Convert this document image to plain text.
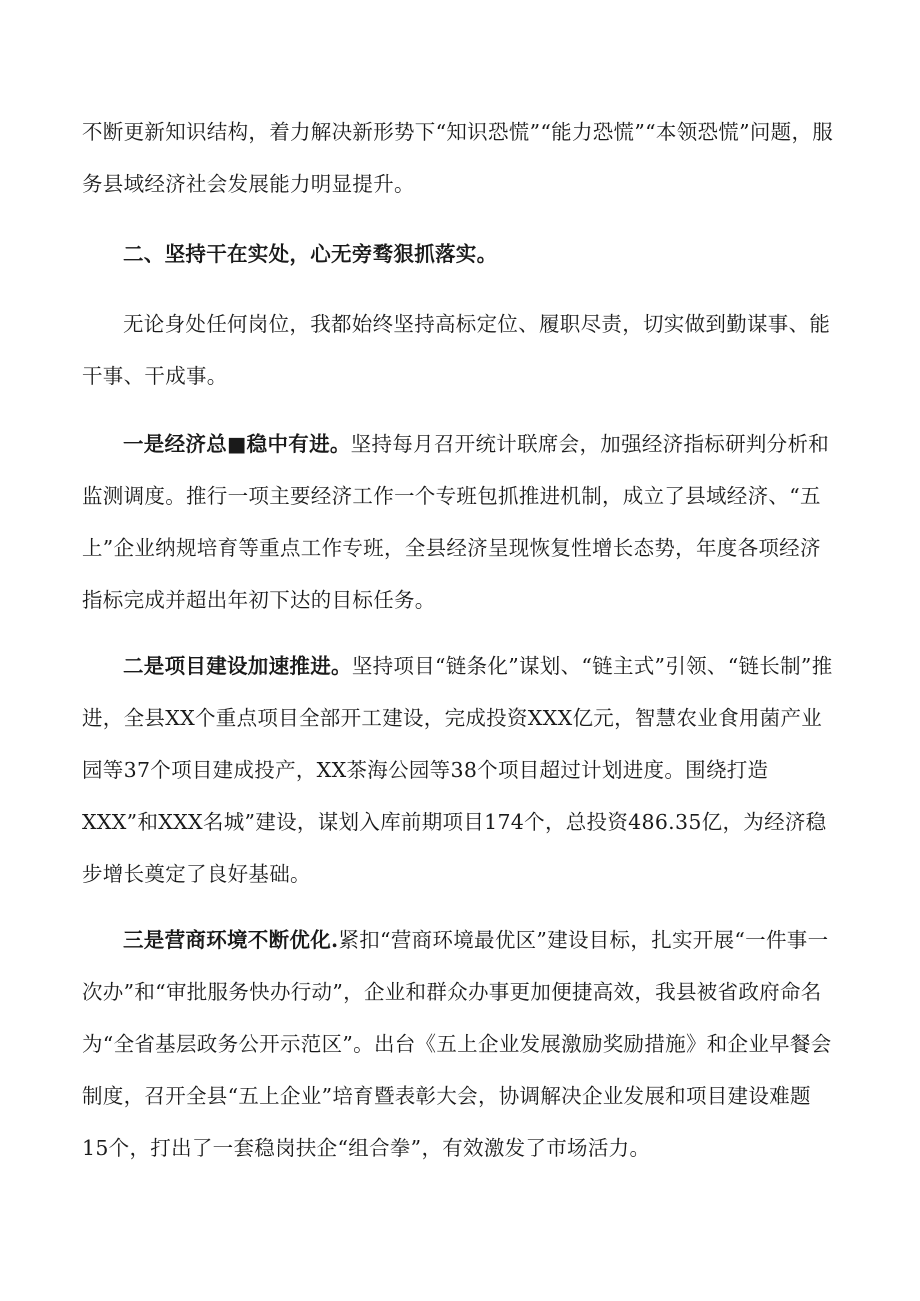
不断更新知识结构，着力解决新形势下“知识恐慌”“能力恐慌”“本领恐慌”问题，服务县域经济社会发展能力明显提升。

二、坚持干在实处，心无旁骛狠抓落实。

无论身处任何岗位，我都始终坚持高标定位、履职尽责，切实做到勤谋事、能干事、干成事。

一是经济总■稳中有进。坚持每月召开统计联席会，加强经济指标研判分析和监测调度。推行一项主要经济工作一个专班包抓推进机制，成立了县域经济、“五上”企业纳规培育等重点工作专班，全县经济呈现恢复性增长态势，年度各项经济指标完成并超出年初下达的目标任务。

二是项目建设加速推进。坚持项目“链条化”谋划、“链主式”引领、“链长制”推进，全县XX个重点项目全部开工建设，完成投资XXX亿元，智慧农业食用菌产业园等37个项目建成投产，XX茶海公园等38个项目超过计划进度。围绕打造XXX”和XXX名城”建设，谋划入库前期项目174个，总投资486.35亿，为经济稳步增长奠定了良好基础。

三是营商环境不断优化.紧扣“营商环境最优区”建设目标，扎实开展“一件事一次办”和“审批服务快办行动”，企业和群众办事更加便捷高效，我县被省政府命名为“全省基层政务公开示范区”。出台《五上企业发展激励奖励措施》和企业早餐会制度，召开全县“五上企业”培育暨表彰大会，协调解决企业发展和项目建设难题15个，打出了一套稳岗扶企“组合拳”，有效激发了市场活力。
